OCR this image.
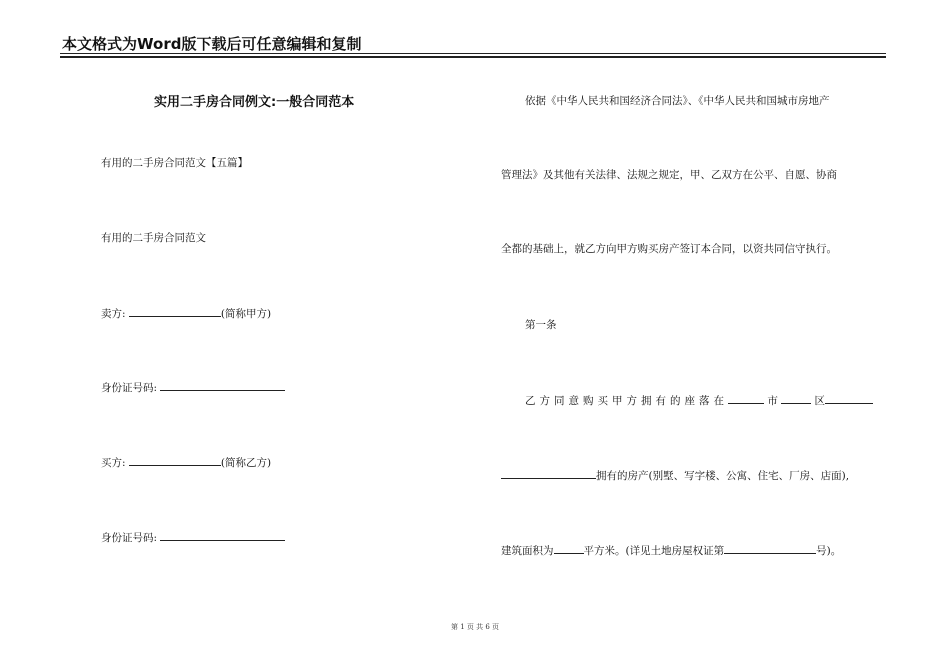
本文格式为Word版下载后可任意编辑和复制
实用二手房合同例文:一般合同范本
有用的二手房合同范文【五篇】
有用的二手房合同范文
卖方:	(简称甲方)
身份证号码:
买方:	(简称乙方)
身份证号码:
依据《中华人民共和国经济合同法》、《中华人民共和国城市房地产
管理法》及其他有关法律、法规之规定，甲、乙双方在公平、自愿、协商
全都的基础上，就乙方向甲方购买房产签订本合同，以资共同信守执行。
第一条
乙方同意购买甲方拥有的座落在	市	区
拥有的房产(别墅、写字楼、公寓、住宅、厂房、店面),
建筑面积为	平方米。(详见土地房屋权证第	号)。
第 1 页 共 6 页
